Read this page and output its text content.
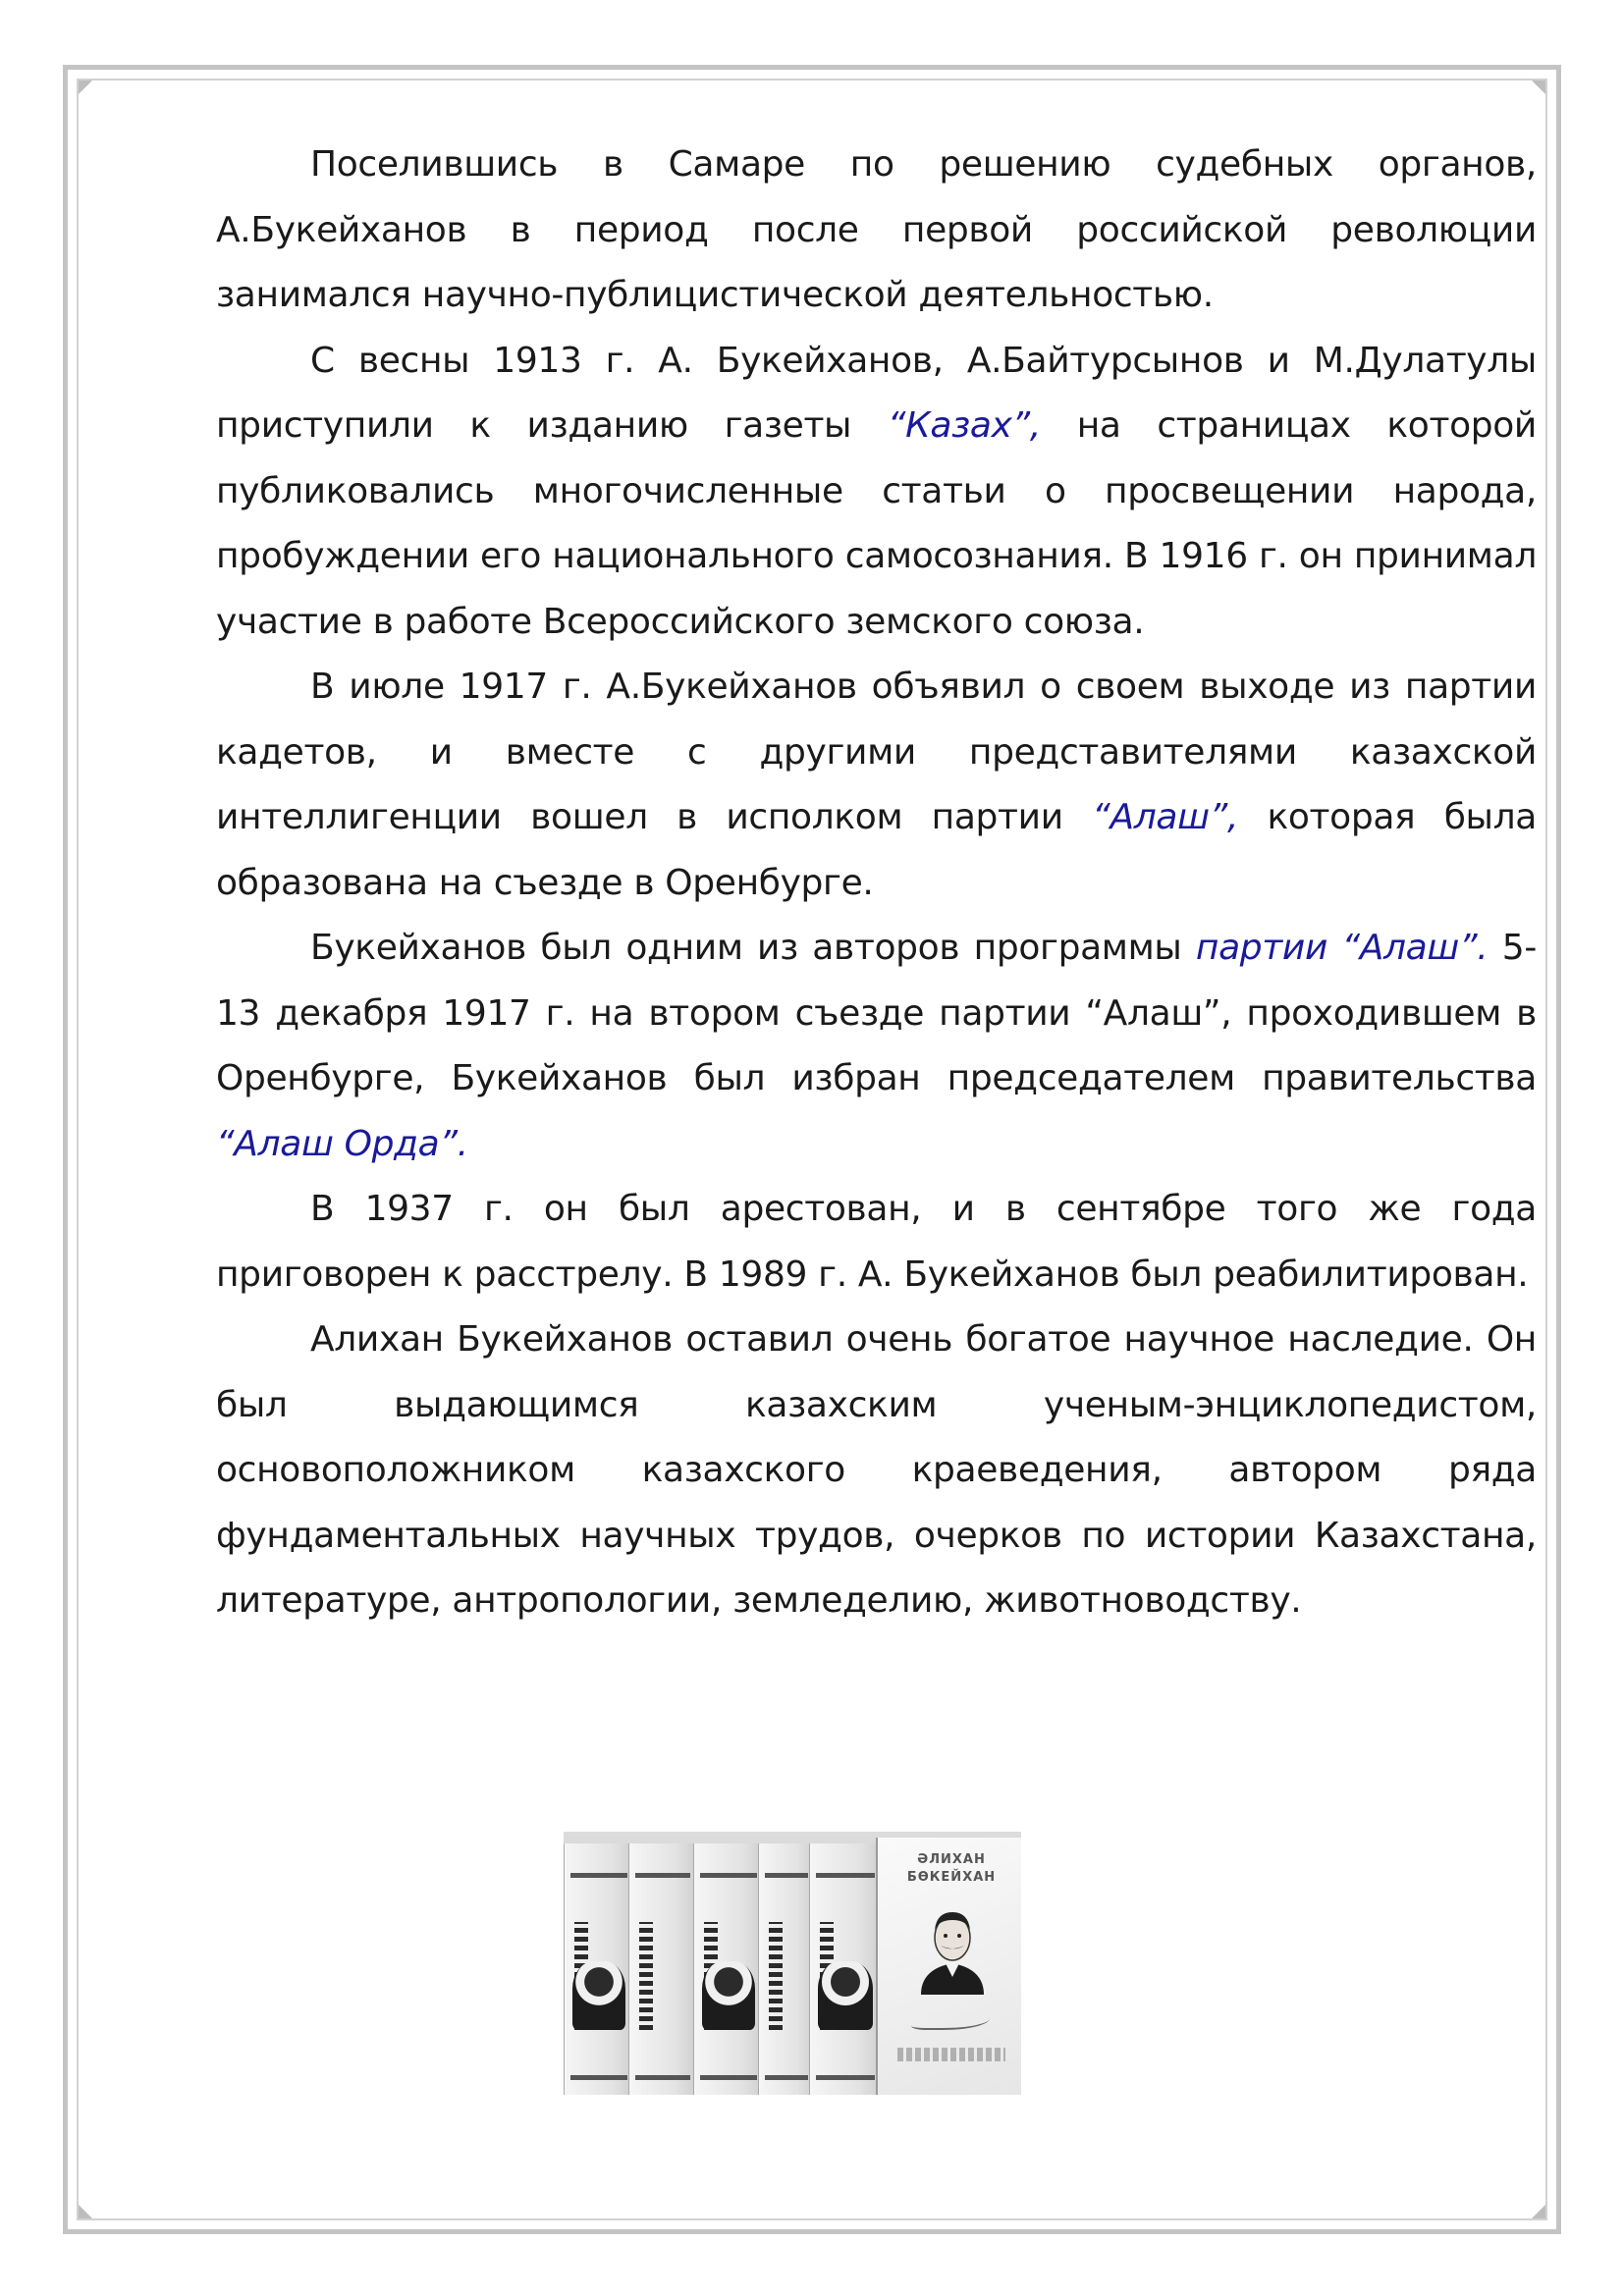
Поселившись в Самаре по решению судебных органов, А.Букейханов в период после первой российской революции занимался научно-публицистической деятельностью.

С весны 1913 г. А. Букейханов, А.Байтурсынов и М.Дулатулы приступили к изданию газеты “Казах”, на страницах которой публиковались многочисленные статьи о просвещении народа, пробуждении его национального самосознания. В 1916 г. он принимал участие в работе Всероссийского земского союза.

В июле 1917 г. А.Букейханов объявил о своем выходе из партии кадетов, и вместе с другими представителями казахской интеллигенции вошел в исполком партии “Алаш”, которая была образована на съезде в Оренбурге.

Букейханов был одним из авторов программы партии “Алаш”. 5-13 декабря 1917 г. на втором съезде партии “Алаш”, проходившем в Оренбурге, Букейханов был избран председателем правительства “Алаш Орда”.

В 1937 г. он был арестован, и в сентябре того же года приговорен к расстрелу. В 1989 г. А. Букейханов был реабилитирован.

Алихан Букейханов оставил очень богатое научное наследие. Он был выдающимся казахским ученым-энциклопедистом, основоположником казахского краеведения, автором ряда фундаментальных научных трудов, очерков по истории Казахстана, литературе, антропологии, земледелию, животноводству.

ӘЛИХАН
БӨКЕЙХАН
